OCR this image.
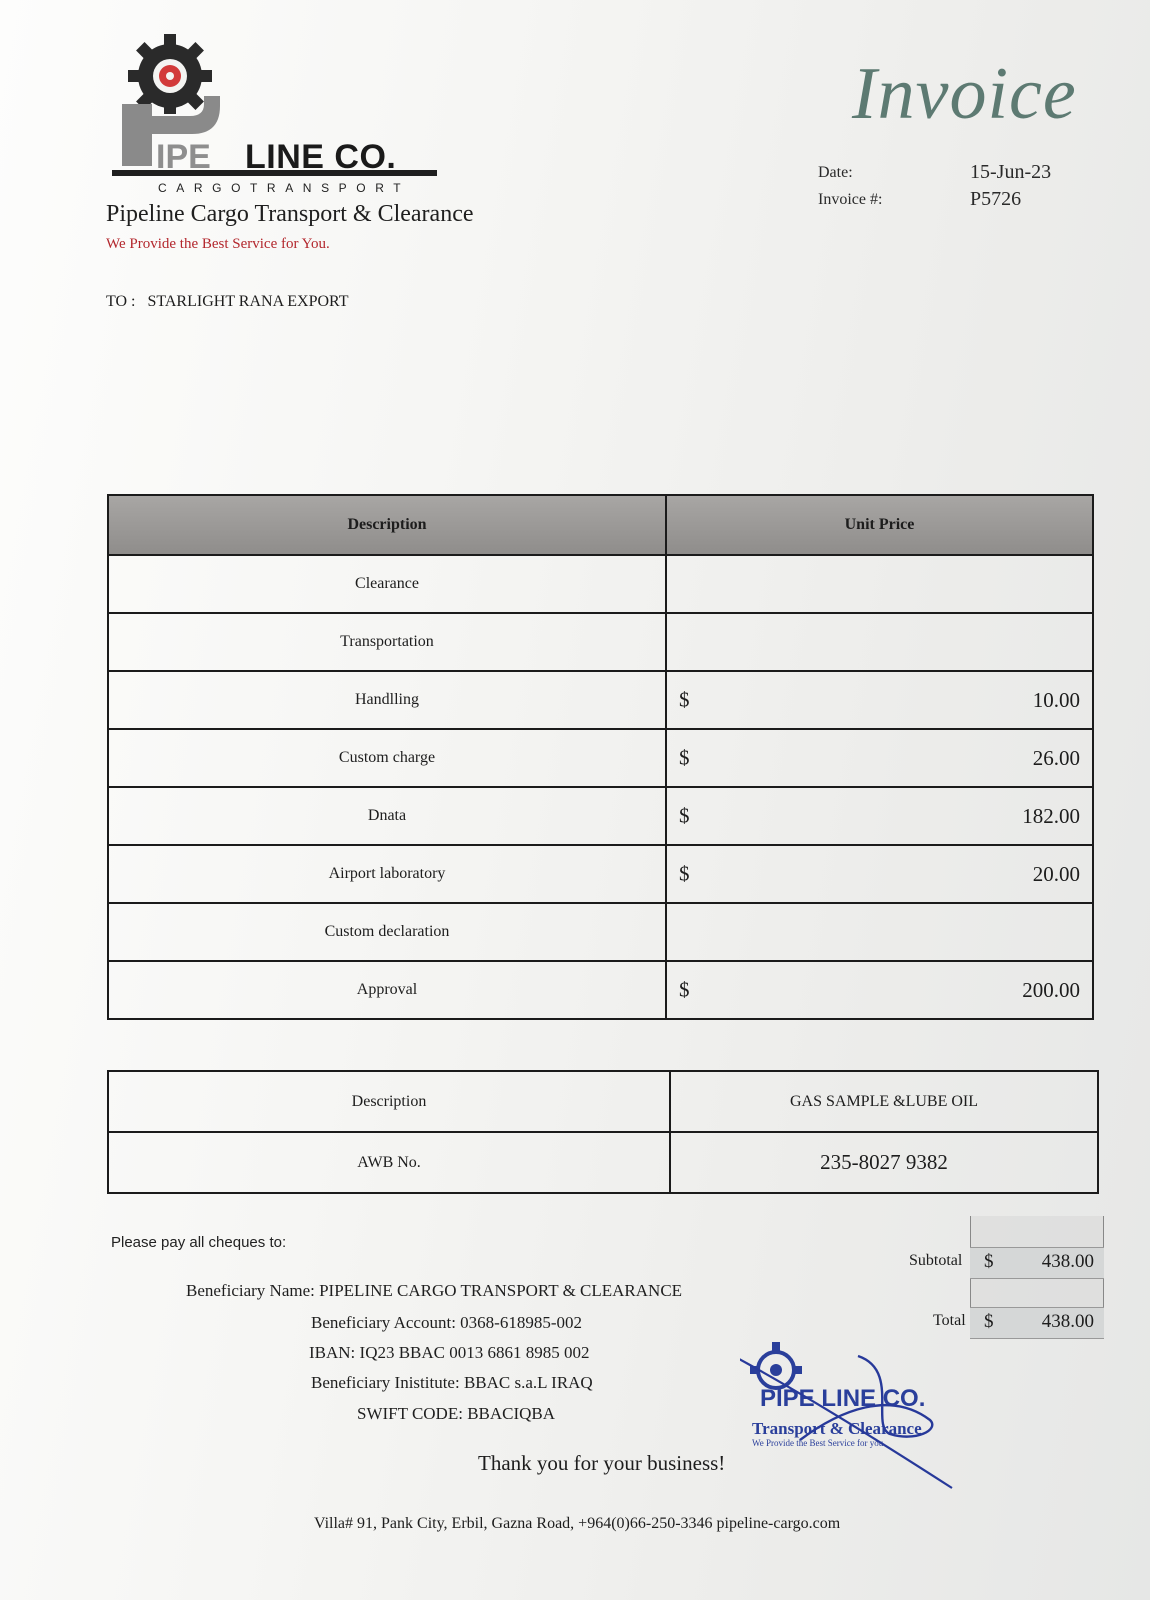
IPE LINE CO.
CARGOTRANSPORT
Pipeline Cargo Transport & Clearance
We Provide the Best Service for You.
Invoice
Date:	15-Jun-23
Invoice #:	P5726
TO : STARLIGHT RANA EXPORT
Description	Unit Price
Clearance	
Transportation	
Handlling	$ 10.00

Custom charge	$ 26.00

Dnata	$ 182.00

Airport laboratory	$ 20.00

Custom declaration	
Approval	$ 200.00
Description	GAS SAMPLE &LUBE OIL
AWB No.	235-8027 9382
Please pay all cheques to:
Beneficiary Name: PIPELINE CARGO TRANSPORT & CLEARANCE
Beneficiary Account: 0368-618985-002
IBAN: IQ23 BBAC 0013 6861 8985 002
Beneficiary Inistitute: BBAC s.a.L IRAQ
SWIFT CODE: BBACIQBA
Subtotal $	438.00
Total $	438.00
Thank you for your business!
PIPE LINE CO.
Transport & Clearance
We Provide the Best Service for you
Villa# 91, Pank City, Erbil, Gazna Road, +964(0)66-250-3346 pipeline-cargo.com
